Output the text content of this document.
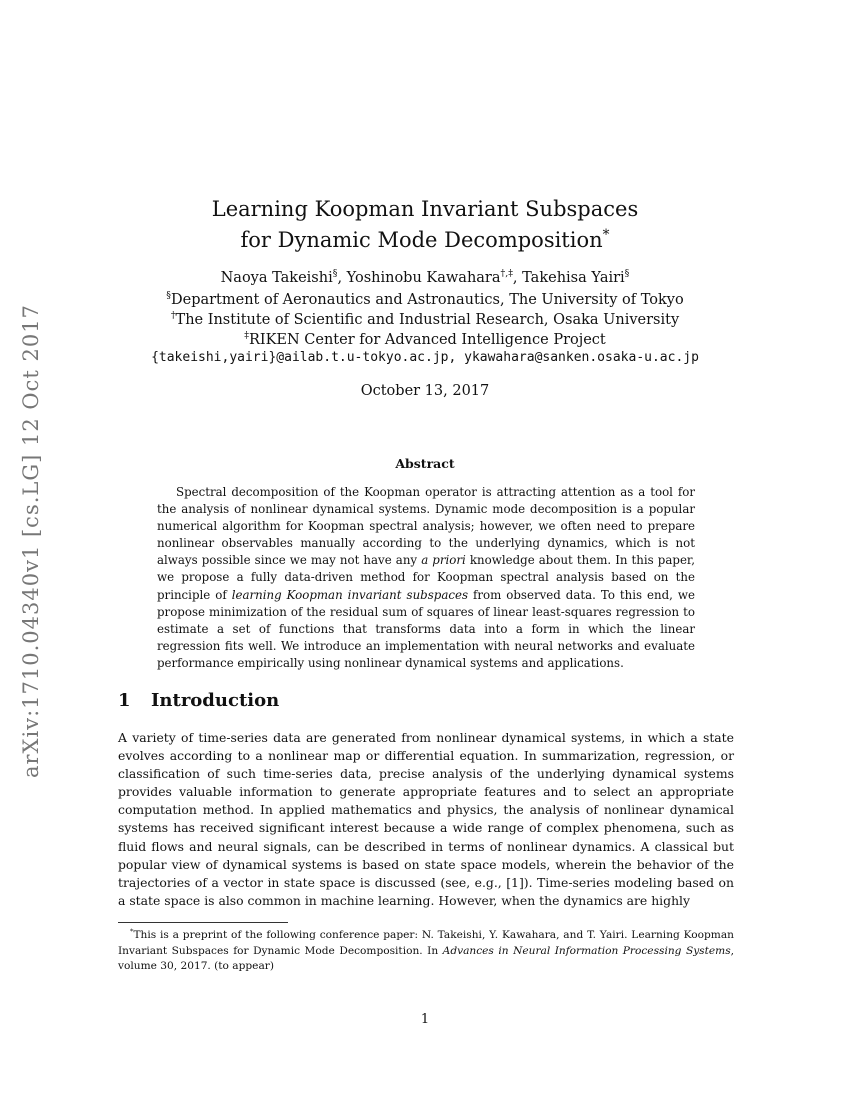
arXiv:1710.04340v1 [cs.LG] 12 Oct 2017
Learning Koopman Invariant Subspaces
for Dynamic Mode Decomposition*
Naoya Takeishi§, Yoshinobu Kawahara†,‡, Takehisa Yairi§
§Department of Aeronautics and Astronautics, The University of Tokyo
†The Institute of Scientific and Industrial Research, Osaka University
‡RIKEN Center for Advanced Intelligence Project
{takeishi,yairi}@ailab.t.u-tokyo.ac.jp, ykawahara@sanken.osaka-u.ac.jp
October 13, 2017
Abstract

Spectral decomposition of the Koopman operator is attracting attention as a tool for the analysis of nonlinear dynamical systems. Dynamic mode decomposition is a popular numerical algorithm for Koopman spectral analysis; however, we often need to prepare nonlinear observables manually according to the underlying dynamics, which is not always possible since we may not have any a priori knowledge about them. In this paper, we propose a fully data-driven method for Koopman spectral analysis based on the principle of learning Koopman invariant subspaces from observed data. To this end, we propose minimization of the residual sum of squares of linear least-squares regression to estimate a set of functions that transforms data into a form in which the linear regression fits well. We introduce an implementation with neural networks and evaluate performance empirically using nonlinear dynamical systems and applications.

1 Introduction

A variety of time-series data are generated from nonlinear dynamical systems, in which a state evolves according to a nonlinear map or differential equation. In summarization, regression, or classification of such time-series data, precise analysis of the underlying dynamical systems provides valuable information to generate appropriate features and to select an appropriate computation method. In applied mathematics and physics, the analysis of nonlinear dynamical systems has received significant interest because a wide range of complex phenomena, such as fluid flows and neural signals, can be described in terms of nonlinear dynamics. A classical but popular view of dynamical systems is based on state space models, wherein the behavior of the trajectories of a vector in state space is discussed (see, e.g., [1]). Time-series modeling based on a state space is also common in machine learning. However, when the dynamics are highly

*This is a preprint of the following conference paper: N. Takeishi, Y. Kawahara, and T. Yairi. Learning Koopman Invariant Subspaces for Dynamic Mode Decomposition. In Advances in Neural Information Processing Systems, volume 30, 2017. (to appear)

1
